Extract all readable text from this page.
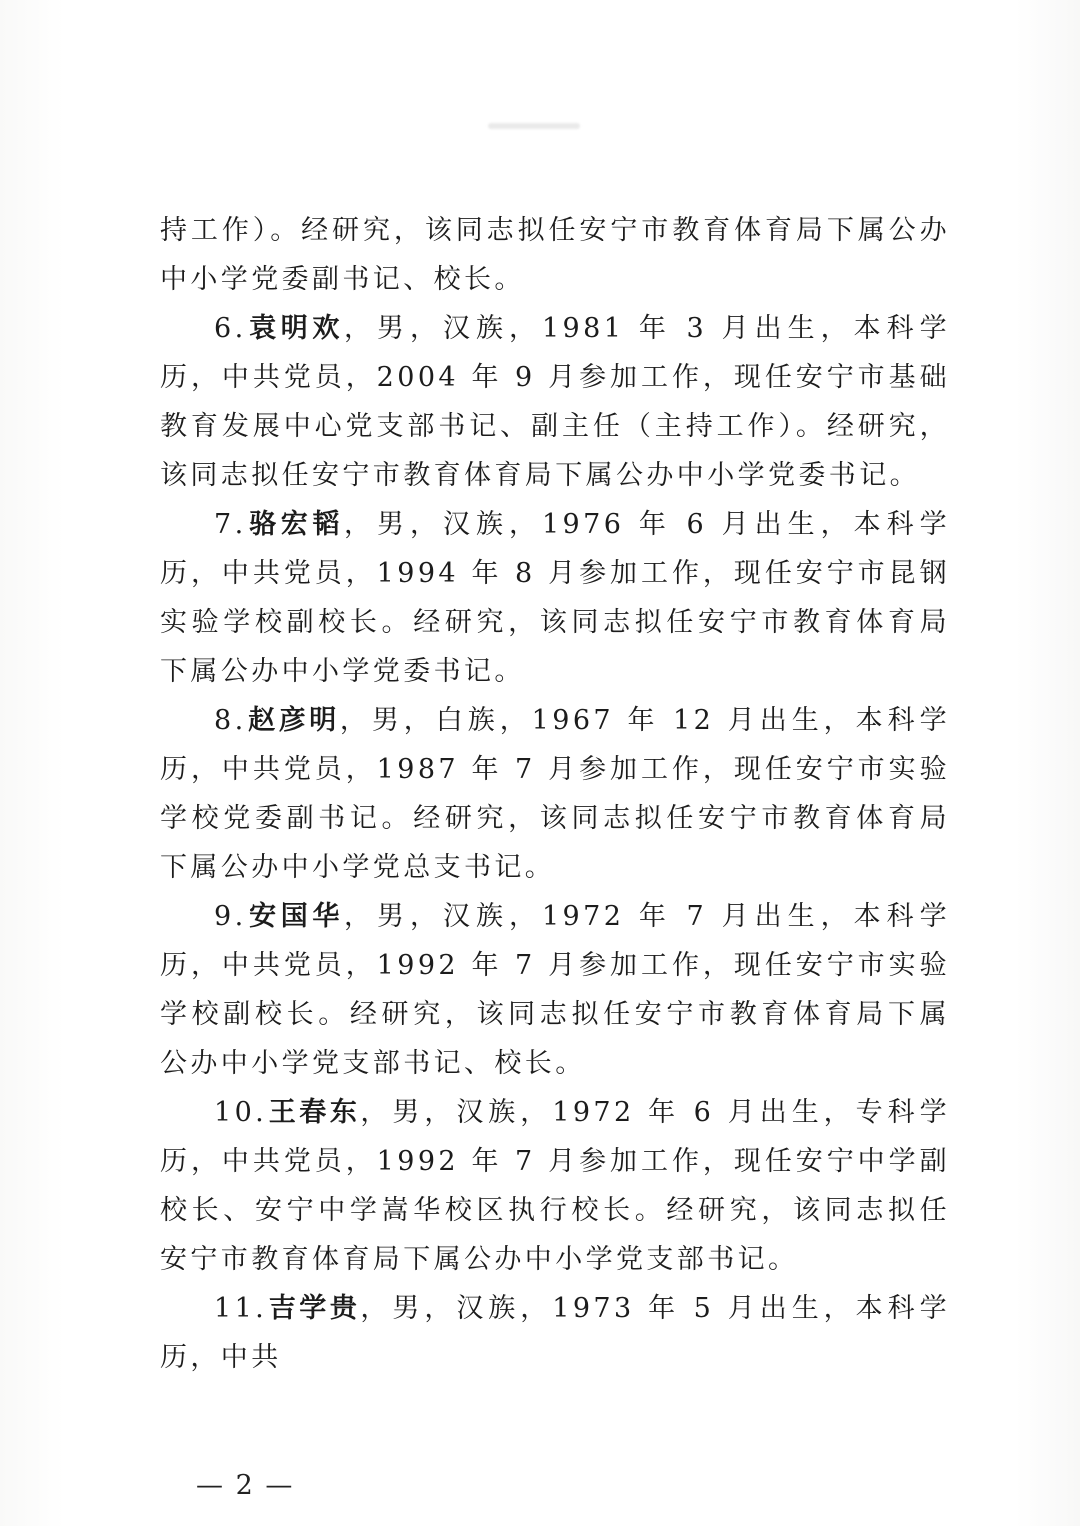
持工作）。经研究，该同志拟任安宁市教育体育局下属公办中小学党委副书记、校长。

6.袁明欢，男，汉族，1981 年 3 月出生，本科学历，中共党员，2004 年 9 月参加工作，现任安宁市基础教育发展中心党支部书记、副主任（主持工作）。经研究，该同志拟任安宁市教育体育局下属公办中小学党委书记。

7.骆宏韬，男，汉族，1976 年 6 月出生，本科学历，中共党员，1994 年 8 月参加工作，现任安宁市昆钢实验学校副校长。经研究，该同志拟任安宁市教育体育局下属公办中小学党委书记。

8.赵彦明，男，白族，1967 年 12 月出生，本科学历，中共党员，1987 年 7 月参加工作，现任安宁市实验学校党委副书记。经研究，该同志拟任安宁市教育体育局下属公办中小学党总支书记。

9.安国华，男，汉族，1972 年 7 月出生，本科学历，中共党员，1992 年 7 月参加工作，现任安宁市实验学校副校长。经研究，该同志拟任安宁市教育体育局下属公办中小学党支部书记、校长。

10.王春东，男，汉族，1972 年 6 月出生，专科学历，中共党员，1992 年 7 月参加工作，现任安宁中学副校长、安宁中学嵩华校区执行校长。经研究，该同志拟任安宁市教育体育局下属公办中小学党支部书记。

11.吉学贵，男，汉族，1973 年 5 月出生，本科学历，中共

— 2 —
